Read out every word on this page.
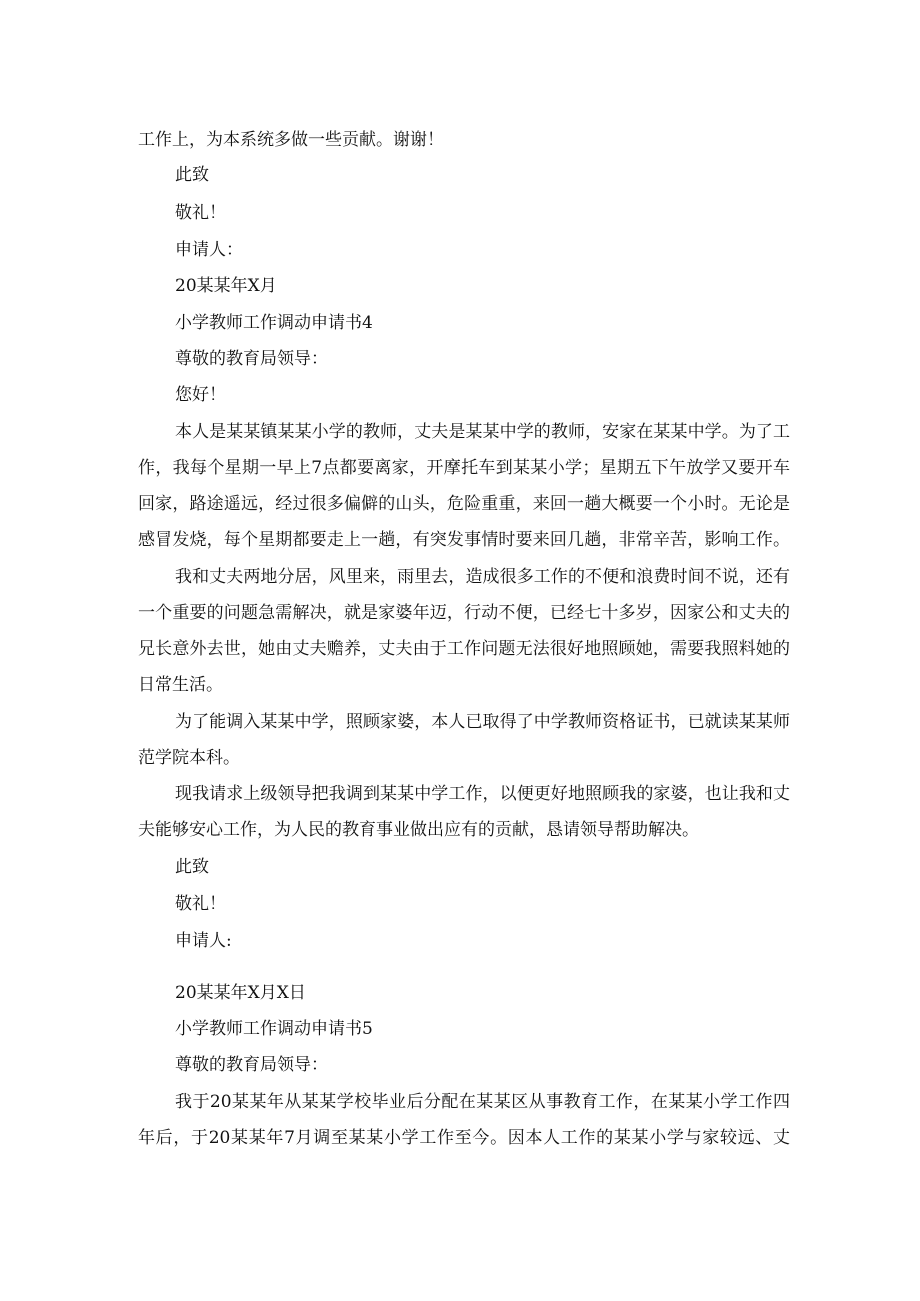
工作上，为本系统多做一些贡献。谢谢！

此致

敬礼！

申请人：

20某某年X月

小学教师工作调动申请书4

尊敬的教育局领导：

您好！

本人是某某镇某某小学的教师，丈夫是某某中学的教师，安家在某某中学。为了工

作，我每个星期一早上7点都要离家，开摩托车到某某小学；星期五下午放学又要开车

回家，路途遥远，经过很多偏僻的山头，危险重重，来回一趟大概要一个小时。无论是

感冒发烧，每个星期都要走上一趟，有突发事情时要来回几趟，非常辛苦，影响工作。

我和丈夫两地分居，风里来，雨里去，造成很多工作的不便和浪费时间不说，还有

一个重要的问题急需解决，就是家婆年迈，行动不便，已经七十多岁，因家公和丈夫的

兄长意外去世，她由丈夫赡养，丈夫由于工作问题无法很好地照顾她，需要我照料她的

日常生活。

为了能调入某某中学，照顾家婆，本人已取得了中学教师资格证书，已就读某某师

范学院本科。

现我请求上级领导把我调到某某中学工作，以便更好地照顾我的家婆，也让我和丈

夫能够安心工作，为人民的教育事业做出应有的贡献，恳请领导帮助解决。

此致

敬礼！

申请人:

20某某年X月X日

小学教师工作调动申请书5

尊敬的教育局领导：

我于20某某年从某某学校毕业后分配在某某区从事教育工作，在某某小学工作四

年后，于20某某年7月调至某某小学工作至今。因本人工作的某某小学与家较远、丈
